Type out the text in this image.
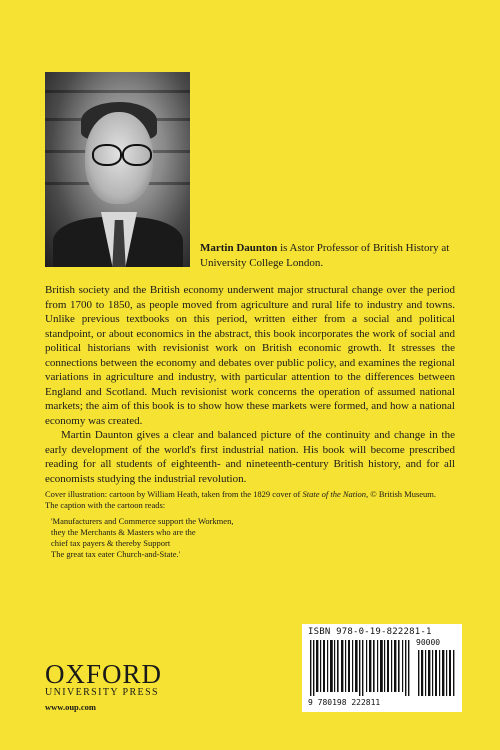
Martin Daunton is Astor Professor of British History at University College London.

British society and the British economy underwent major structural change over the period from 1700 to 1850, as people moved from agriculture and rural life to industry and towns. Unlike previous textbooks on this period, written either from a social and political standpoint, or about economics in the abstract, this book incorporates the work of social and political historians with revisionist work on British economic growth. It stresses the connections between the economy and debates over public policy, and examines the regional variations in agriculture and industry, with particular attention to the differences between England and Scotland. Much revisionist work concerns the operation of assumed national markets; the aim of this book is to show how these markets were formed, and how a national economy was created.

Martin Daunton gives a clear and balanced picture of the continuity and change in the early development of the world's first industrial nation. His book will become prescribed reading for all students of eighteenth- and nineteenth-century British history, and for all economists studying the industrial revolution.

Cover illustration: cartoon by William Heath, taken from the 1829 cover of State of the Nation, © British Museum.

The caption with the cartoon reads:

'Manufacturers and Commerce support the Workmen,
they the Merchants & Masters who are the
chief tax payers & thereby Support
The great tax eater Church-and-State.'
OXFORD
UNIVERSITY PRESS
www.oup.com
ISBN 978-0-19-822281-1
90000
9 780198 222811
